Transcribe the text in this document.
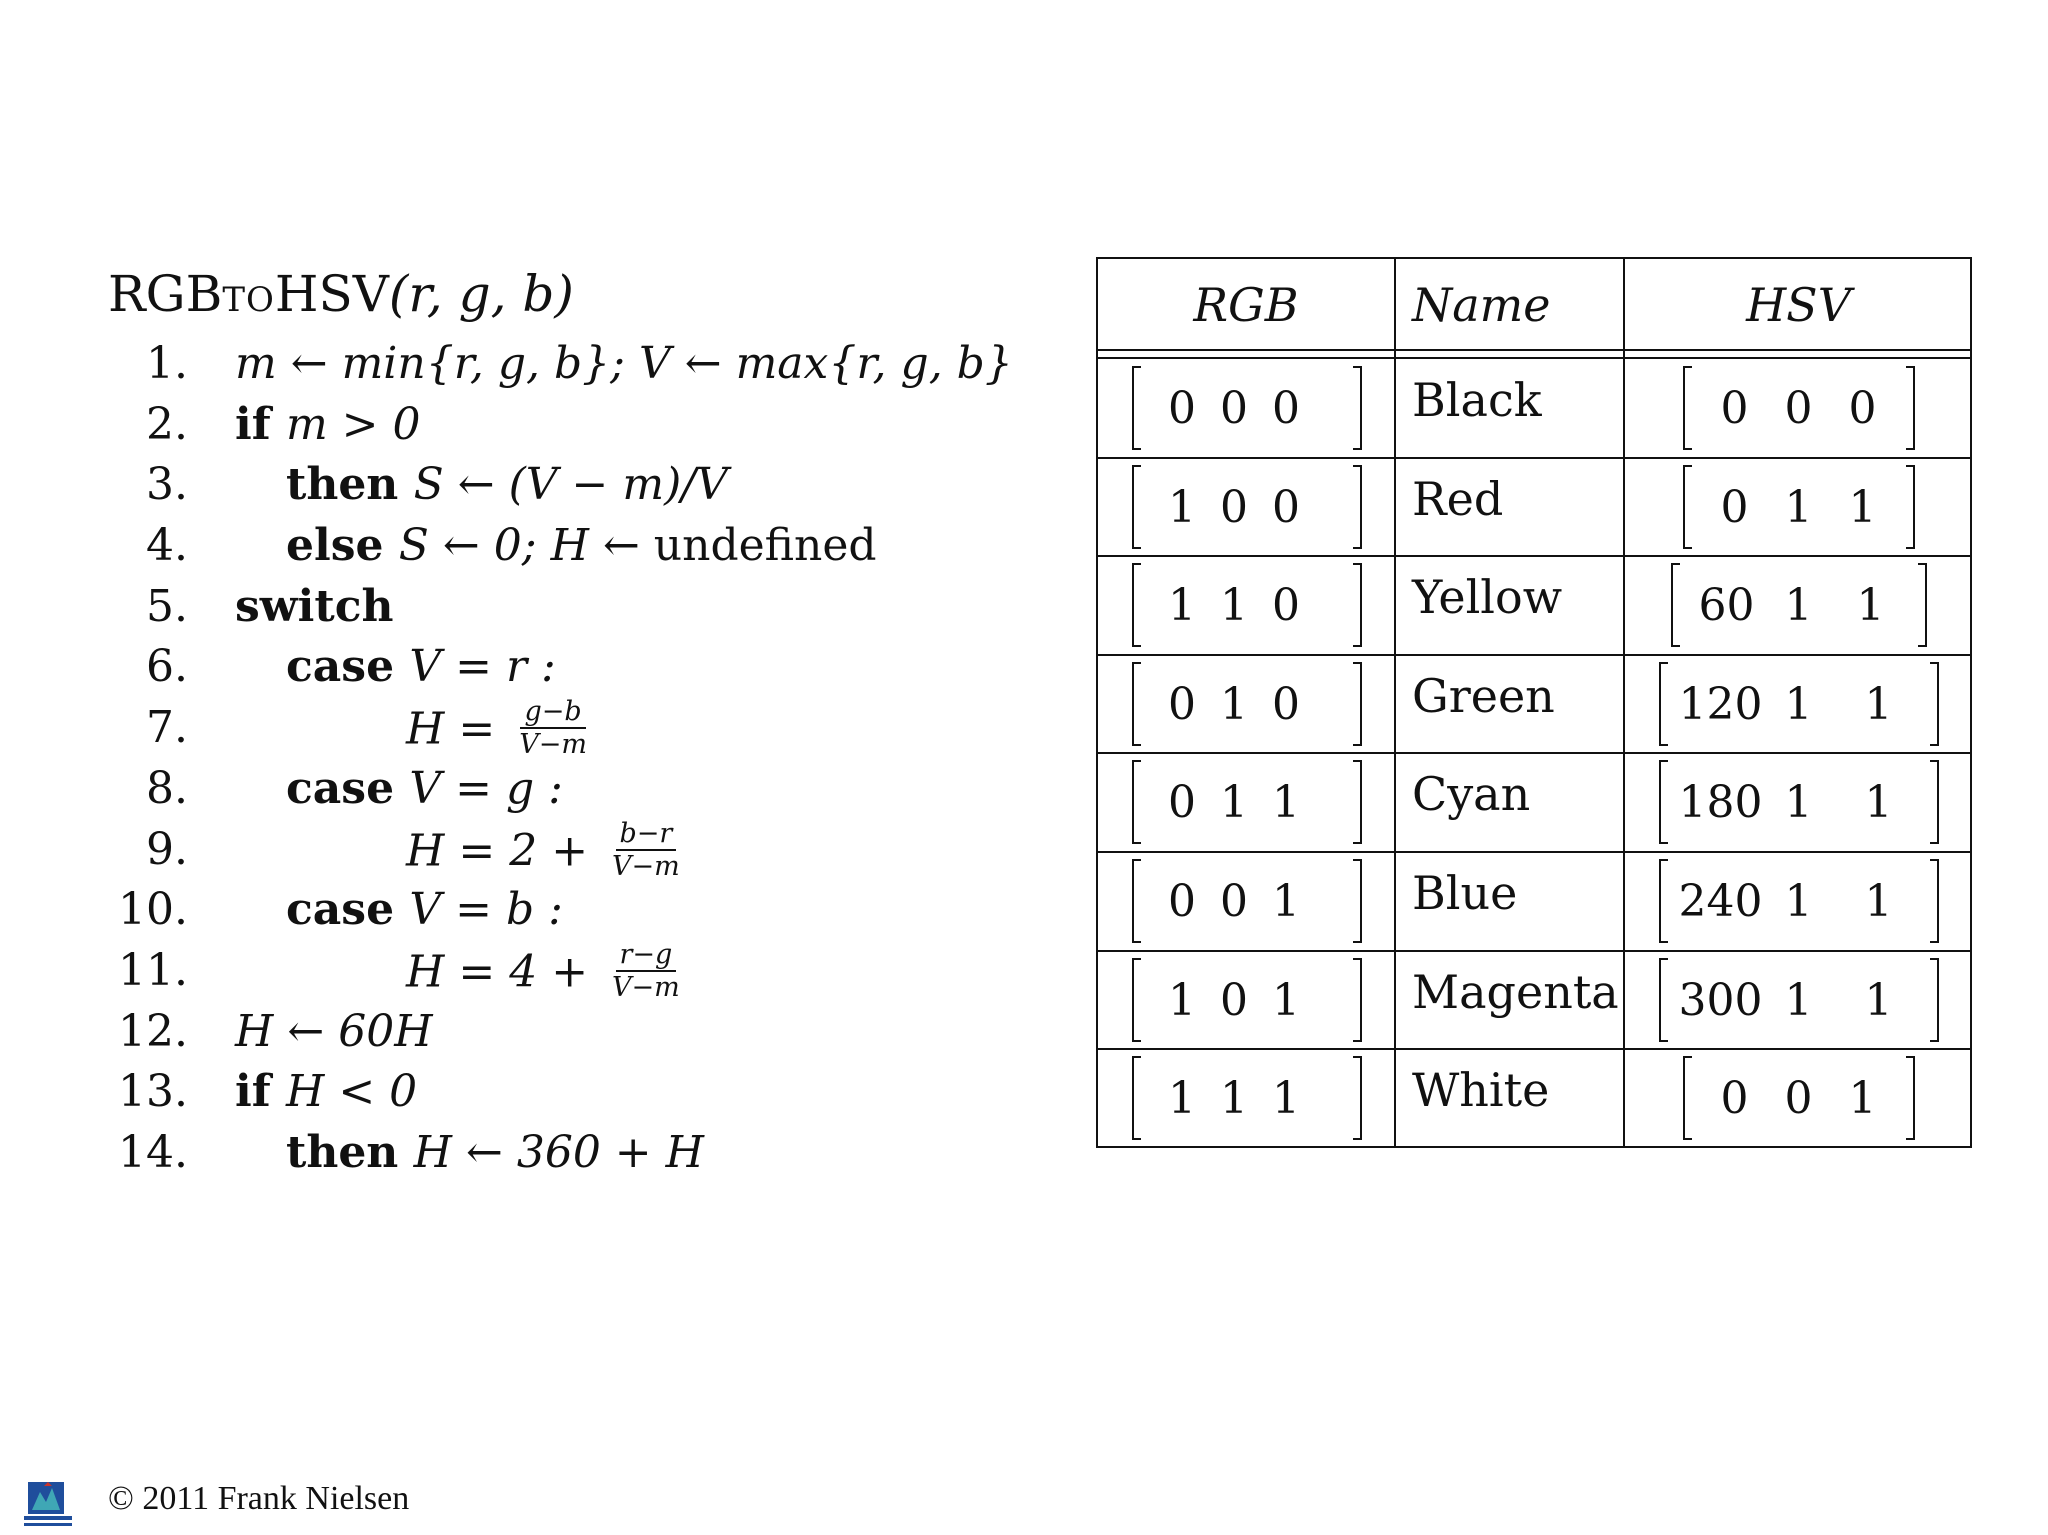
RGBTOHSV(r, g, b)
1. m ← min{r, g, b}; V ← max{r, g, b}
2. if m > 0
3. then S ← (V − m)/V
4. else S ← 0; H ← undefined
5. switch
6. case V = r :
7.	$H = \frac{g-b}{V-m}$
8. case V = g :
9.	$H = 2 + \frac{b-r}{V-m}$
10. case V = b :
11.	$H = 4 + \frac{r-g}{V-m}$
12. H ← 60H
13. if H < 0
14. then H ← 360 + H
RGB	Name	HSV
0 0 0	Black	0 0 0
1 0 0	Red	0 1 1
1 1 0	Yellow	60 1	1
0 1 0	Green	120 1	1
0 1 1	Cyan	180 1	1
0 0 1	Blue	240 1	1
1 0 1	Magenta 300 1	1
1 1 1	White	0 0 1
© 2011 Frank Nielsen
